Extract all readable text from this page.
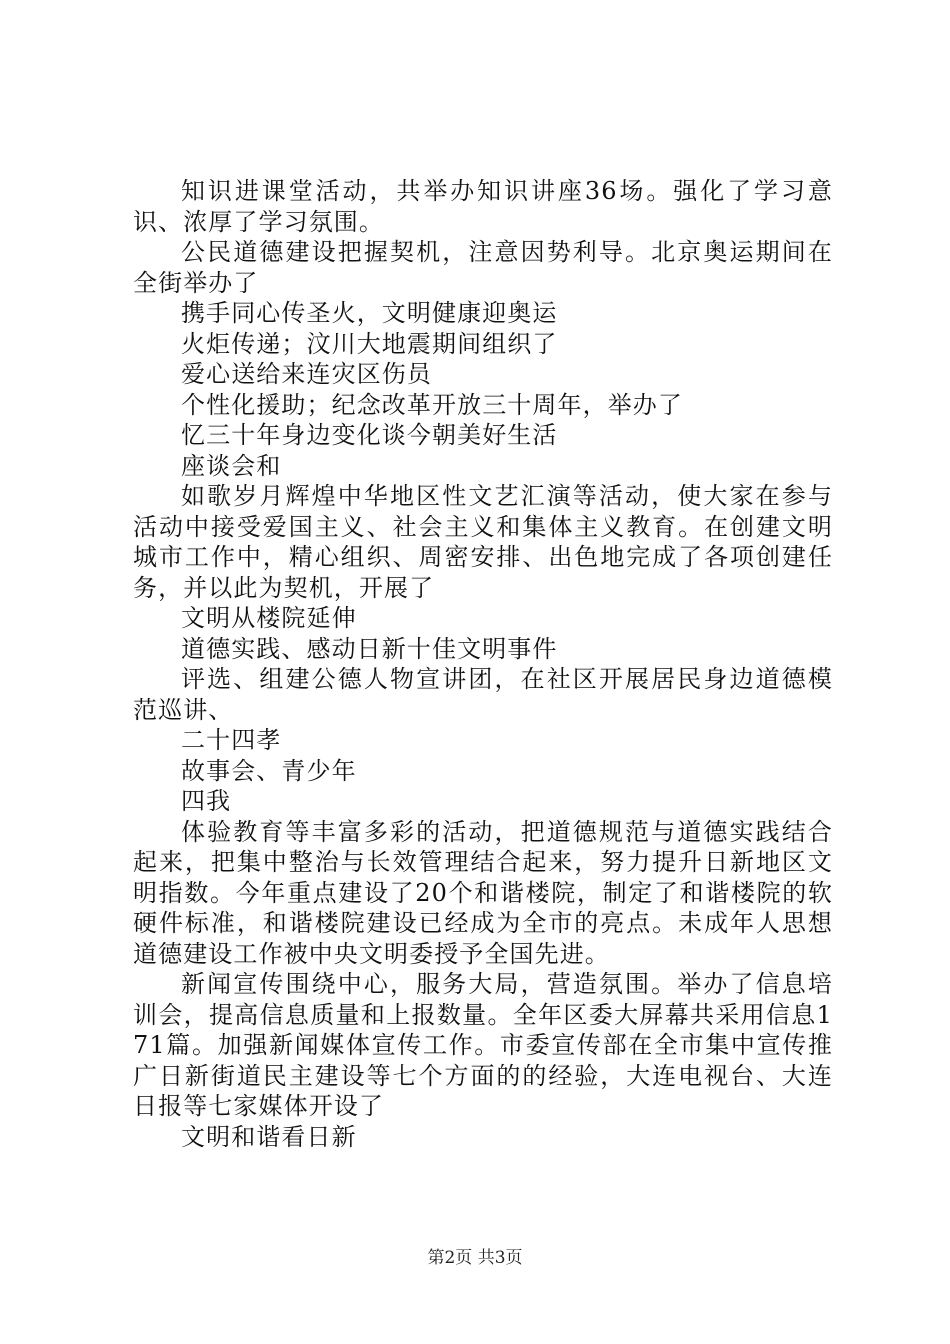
知识进课堂活动，共举办知识讲座36场。强化了学习意识、浓厚了学习氛围。

公民道德建设把握契机，注意因势利导。北京奥运期间在全街举办了

携手同心传圣火，文明健康迎奥运

火炬传递；汶川大地震期间组织了

爱心送给来连灾区伤员

个性化援助；纪念改革开放三十周年，举办了

忆三十年身边变化谈今朝美好生活

座谈会和

如歌岁月辉煌中华地区性文艺汇演等活动，使大家在参与活动中接受爱国主义、社会主义和集体主义教育。在创建文明城市工作中，精心组织、周密安排、出色地完成了各项创建任务，并以此为契机，开展了

文明从楼院延伸

道德实践、感动日新十佳文明事件

评选、组建公德人物宣讲团，在社区开展居民身边道德模范巡讲、

二十四孝

故事会、青少年

四我

体验教育等丰富多彩的活动，把道德规范与道德实践结合起来，把集中整治与长效管理结合起来，努力提升日新地区文明指数。今年重点建设了20个和谐楼院，制定了和谐楼院的软硬件标准，和谐楼院建设已经成为全市的亮点。未成年人思想道德建设工作被中央文明委授予全国先进。

新闻宣传围绕中心，服务大局，营造氛围。举办了信息培训会，提高信息质量和上报数量。全年区委大屏幕共采用信息171篇。加强新闻媒体宣传工作。市委宣传部在全市集中宣传推广日新街道民主建设等七个方面的的经验，大连电视台、大连日报等七家媒体开设了

文明和谐看日新

第2页 共3页
